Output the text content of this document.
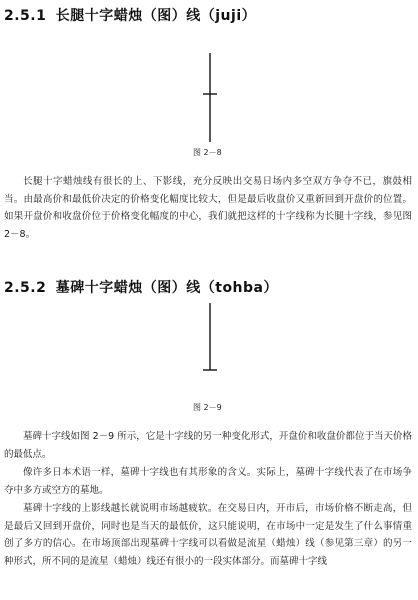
2.5.1 长腿十字蜡烛（图）线（juji）
图 2－8

长腿十字蜡烛线有很长的上、下影线，充分反映出交易日场内多空双方争夺不已，旗鼓相当。由最高价和最低价决定的价格变化幅度比较大，但是最后收盘价又重新回到开盘价的位置。如果开盘价和收盘价位于价格变化幅度的中心，我们就把这样的十字线称为长腿十字线，参见图 2－8。

2.5.2 墓碑十字蜡烛（图）线（tohba）
图 2－9

墓碑十字线如图 2－9 所示，它是十字线的另一种变化形式，开盘价和收盘价都位于当天价格的最低点。

像许多日本术语一样，墓碑十字线也有其形象的含义。实际上，墓碑十字线代表了在市场争夺中多方或空方的墓地。

墓碑十字线的上影线越长就说明市场越疲软。在交易日内，开市后，市场价格不断走高，但是最后又回到开盘价，同时也是当天的最低价，这只能说明，在市场中一定是发生了什么事情重创了多方的信心。在市场顶部出现墓碑十字线可以看做是流星（蜡烛）线（参见第三章）的另一种形式，所不同的是流星（蜡烛）线还有很小的一段实体部分。而墓碑十字线
